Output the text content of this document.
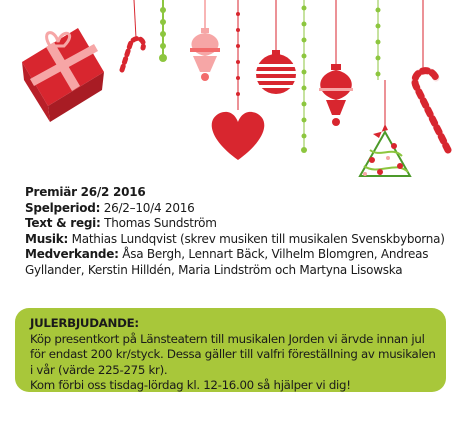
Premiär 26/2 2016

Spelperiod: 26/2–10/4 2016

Text & regi: Thomas Sundström

Musik: Mathias Lundqvist (skrev musiken till musikalen Svenskbyborna)

Medverkande: Åsa Bergh, Lennart Bäck, Vilhelm Blomgren, Andreas Gyllander, Kerstin Hilldén, Maria Lindström och Martyna Lisowska

JULERBJUDANDE:

Köp presentkort på Länsteatern till musikalen Jorden vi ärvde innan jul för endast 200 kr/styck. Dessa gäller till valfri föreställning av musikalen i vår (värde 225-275 kr).

Kom förbi oss tisdag-lördag kl. 12-16.00 så hjälper vi dig!
